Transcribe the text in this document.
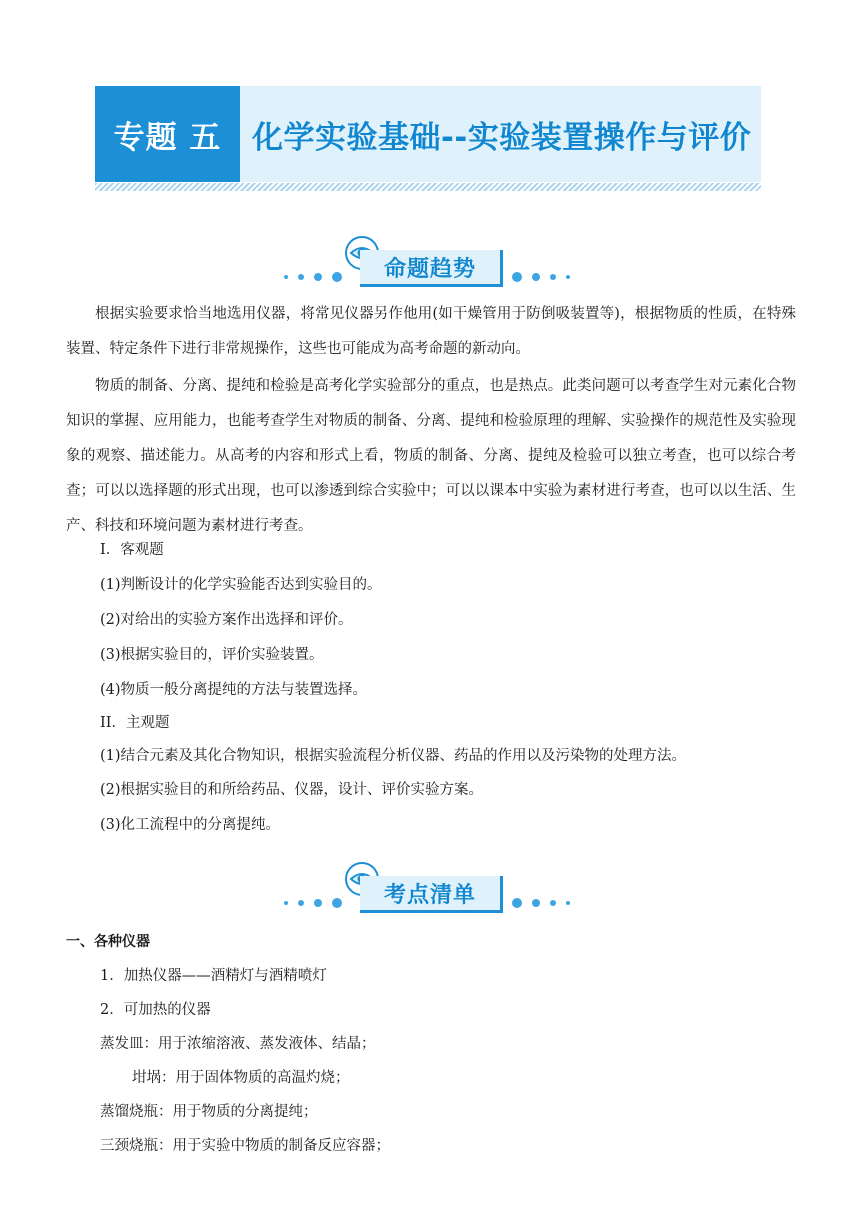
专题 五 化学实验基础--实验装置操作与评价
命题趋势
根据实验要求恰当地选用仪器，将常见仪器另作他用(如干燥管用于防倒吸装置等)，根据物质的性质，在特殊装置、特定条件下进行非常规操作，这些也可能成为高考命题的新动向。
物质的制备、分离、提纯和检验是高考化学实验部分的重点，也是热点。此类问题可以考查学生对元素化合物知识的掌握、应用能力，也能考查学生对物质的制备、分离、提纯和检验原理的理解、实验操作的规范性及实验现象的观察、描述能力。从高考的内容和形式上看，物质的制备、分离、提纯及检验可以独立考查，也可以综合考查；可以以选择题的形式出现，也可以渗透到综合实验中；可以以课本中实验为素材进行考查，也可以以生活、生产、科技和环境问题为素材进行考查。
I．客观题
(1)判断设计的化学实验能否达到实验目的。
(2)对给出的实验方案作出选择和评价。
(3)根据实验目的，评价实验装置。
(4)物质一般分离提纯的方法与装置选择。
II．主观题
(1)结合元素及其化合物知识，根据实验流程分析仪器、药品的作用以及污染物的处理方法。
(2)根据实验目的和所给药品、仪器，设计、评价实验方案。
(3)化工流程中的分离提纯。
考点清单
一、各种仪器
1．加热仪器——酒精灯与酒精喷灯
2．可加热的仪器
蒸发皿：用于浓缩溶液、蒸发液体、结晶；
坩埚：用于固体物质的高温灼烧；
蒸馏烧瓶：用于物质的分离提纯；
三颈烧瓶：用于实验中物质的制备反应容器；
